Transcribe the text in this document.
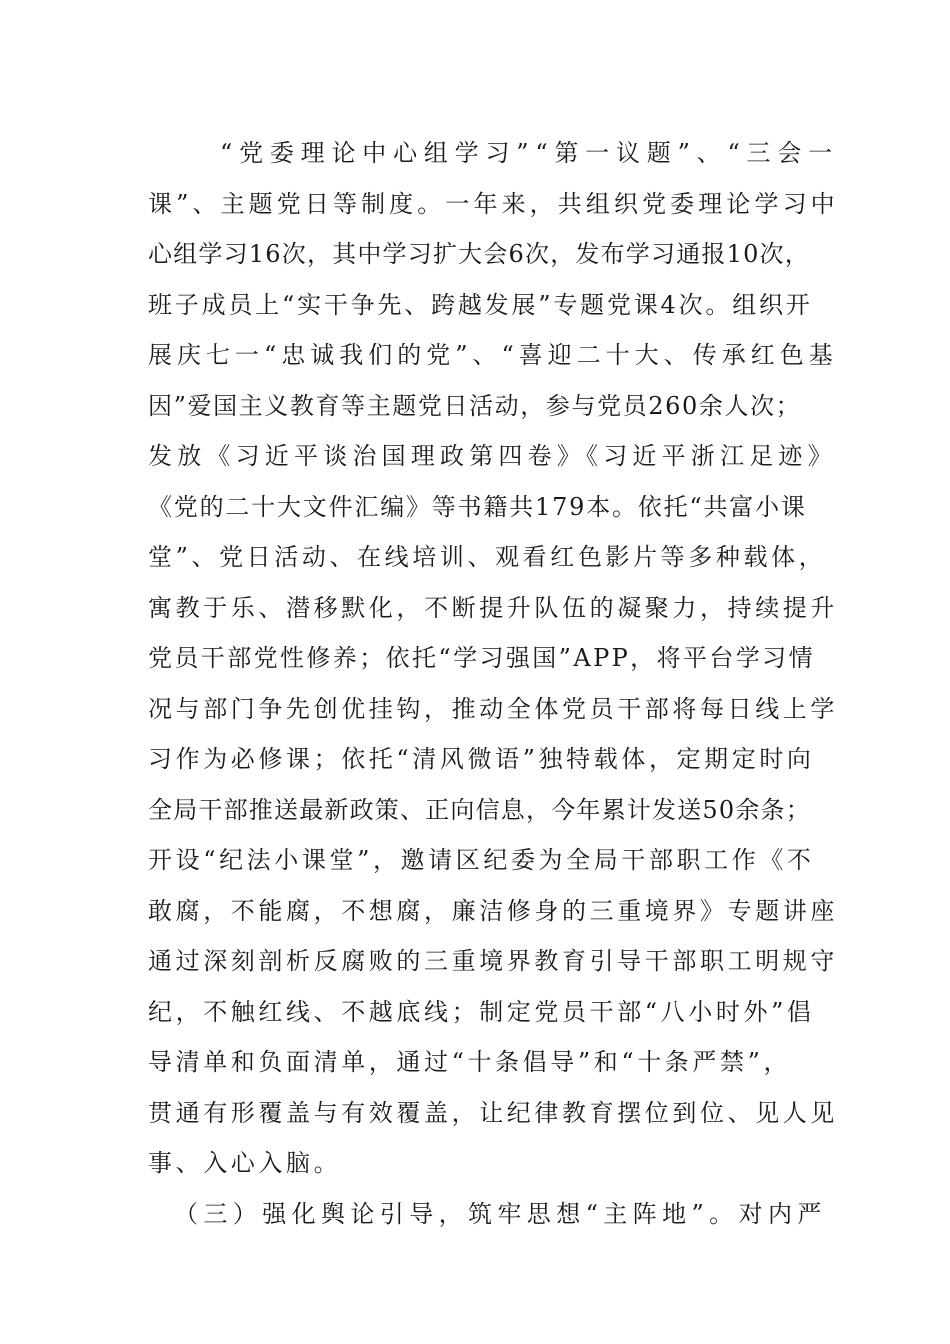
“党委理论中心组学习”“第一议题”、“三会一
课”、主题党日等制度。一年来，共组织党委理论学习中
心组学习16次，其中学习扩大会6次，发布学习通报10次，
班子成员上“实干争先、跨越发展”专题党课4次。组织开
展庆七一“忠诚我们的党”、“喜迎二十大、传承红色基
因”爱国主义教育等主题党日活动，参与党员260余人次；
发放《习近平谈治国理政第四卷》《习近平浙江足迹》
《党的二十大文件汇编》等书籍共179本。依托“共富小课
堂”、党日活动、在线培训、观看红色影片等多种载体，
寓教于乐、潜移默化，不断提升队伍的凝聚力，持续提升
党员干部党性修养；依托“学习强国”APP，将平台学习情
况与部门争先创优挂钩，推动全体党员干部将每日线上学
习作为必修课；依托“清风微语”独特载体，定期定时向
全局干部推送最新政策、正向信息，今年累计发送50余条；
开设“纪法小课堂”，邀请区纪委为全局干部职工作《不
敢腐，不能腐，不想腐，廉洁修身的三重境界》专题讲座
通过深刻剖析反腐败的三重境界教育引导干部职工明规守
纪，不触红线、不越底线；制定党员干部“八小时外”倡
导清单和负面清单，通过“十条倡导”和“十条严禁”，
贯通有形覆盖与有效覆盖，让纪律教育摆位到位、见人见
事、入心入脑。
（三）强化舆论引导，筑牢思想“主阵地”。对内严
